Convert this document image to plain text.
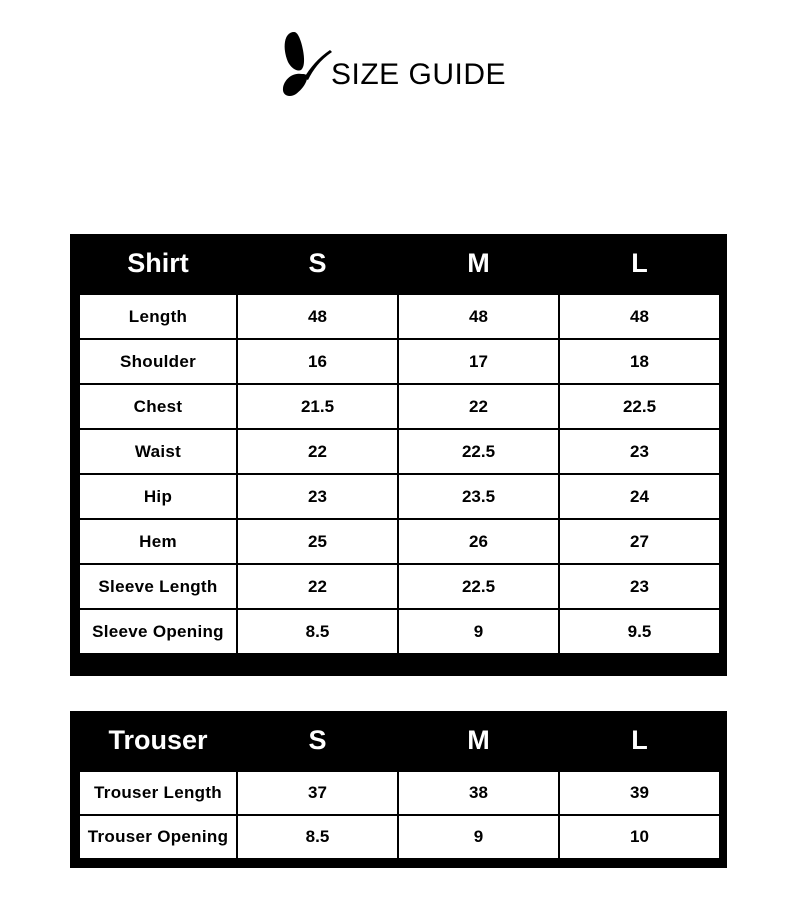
SIZE GUIDE
Shirt	S	M	L
Length	48	48	48
Shoulder	16	17	18
Chest	21.5	22	22.5
Waist	22	22.5	23
Hip	23	23.5	24
Hem	25	26	27
Sleeve Length	22	22.5	23
Sleeve Opening	8.5	9	9.5
Trouser	S	M	L
Trouser Length	37	38	39
Trouser Opening	8.5	9	10
